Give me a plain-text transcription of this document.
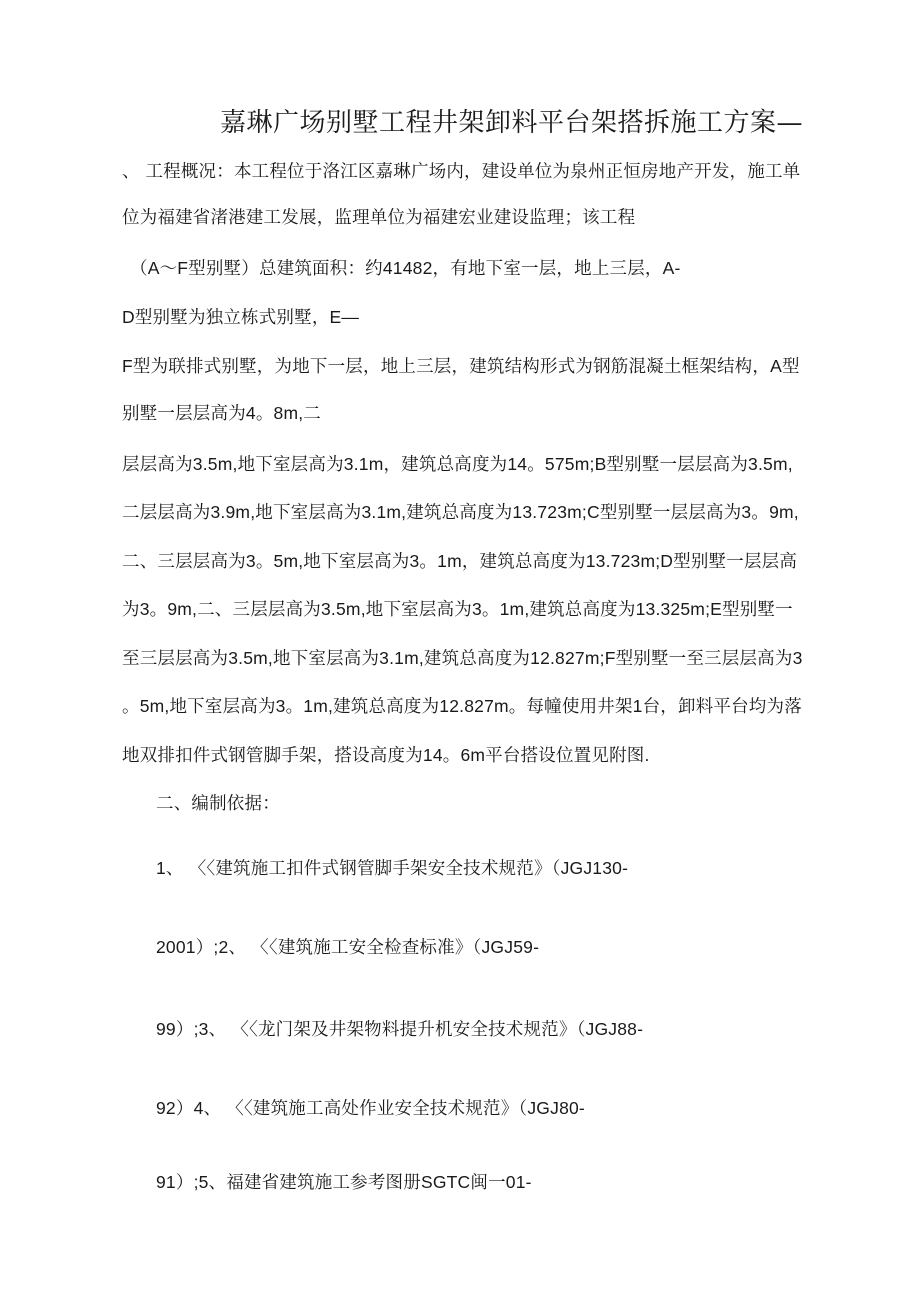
嘉琳广场别墅工程井架卸料平台架搭拆施工方案—
、 工程概况：本工程位于洛江区嘉琳广场内，建设单位为泉州正恒房地产开发，施工单
位为福建省渚港建工发展，监理单位为福建宏业建设监理；该工程
（A〜F型别墅）总建筑面积：约41482，有地下室一层，地上三层，A-
D型别墅为独立栋式别墅，E—
F型为联排式别墅，为地下一层，地上三层，建筑结构形式为钢筋混凝土框架结构，A型
别墅一层层高为4。8m,二
层层高为3.5m,地下室层高为3.1m，建筑总高度为14。575m;B型别墅一层层高为3.5m,
二层层高为3.9m,地下室层高为3.1m,建筑总高度为13.723m;C型别墅一层层高为3。9m,
二、三层层高为3。5m,地下室层高为3。1m，建筑总高度为13.723m;D型别墅一层层高
为3。9m,二、三层层高为3.5m,地下室层高为3。1m,建筑总高度为13.325m;E型别墅一
至三层层高为3.5m,地下室层高为3.1m,建筑总高度为12.827m;F型别墅一至三层层高为3
。5m,地下室层高为3。1m,建筑总高度为12.827m。每幢使用井架1台，卸料平台均为落
地双排扣件式钢管脚手架，搭设高度为14。6m平台搭设位置见附图.
二、编制依据：
1、 〈〈建筑施工扣件式钢管脚手架安全技术规范》（JGJ130-
2001）;2、 〈〈建筑施工安全检查标准》（JGJ59-
99）;3、 〈〈龙门架及井架物料提升机安全技术规范》（JGJ88-
92）4、 〈〈建筑施工高处作业安全技术规范》（JGJ80-
91）;5、福建省建筑施工参考图册SGTC闽一01-
